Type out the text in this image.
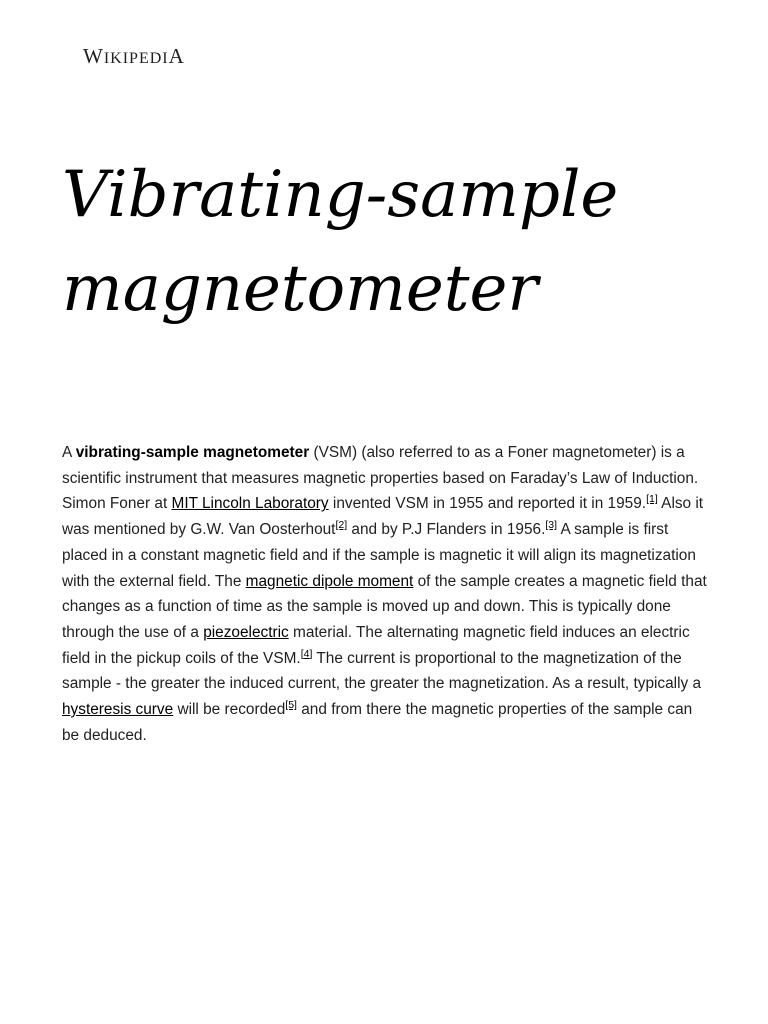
WIKIPEDIA
Vibrating-sample magnetometer

A vibrating-sample magnetometer (VSM) (also referred to as a Foner magnetometer) is a scientific instrument that measures magnetic properties based on Faraday’s Law of Induction. Simon Foner at MIT Lincoln Laboratory invented VSM in 1955 and reported it in 1959.[1] Also it was mentioned by G.W. Van Oosterhout[2] and by P.J Flanders in 1956.[3] A sample is first placed in a constant magnetic field and if the sample is magnetic it will align its magnetization with the external field. The magnetic dipole moment of the sample creates a magnetic field that changes as a function of time as the sample is moved up and down. This is typically done through the use of a piezoelectric material. The alternating magnetic field induces an electric field in the pickup coils of the VSM.[4] The current is proportional to the magnetization of the sample - the greater the induced current, the greater the magnetization. As a result, typically a hysteresis curve will be recorded[5] and from there the magnetic properties of the sample can be deduced.
